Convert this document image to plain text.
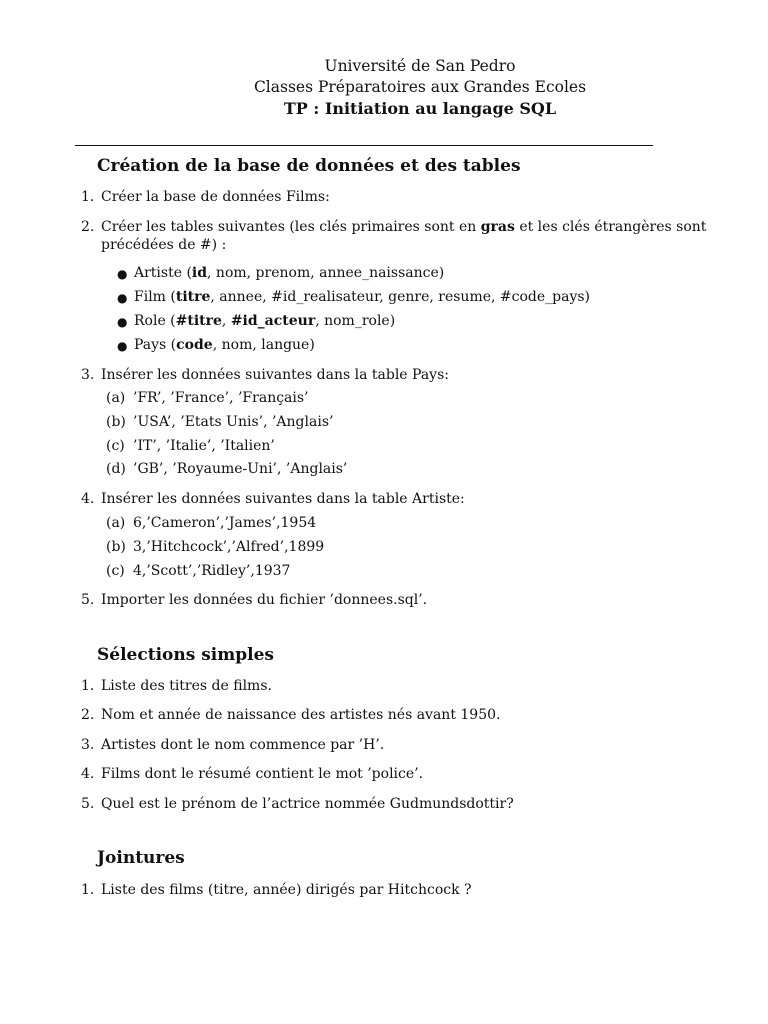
Université de San Pedro
Classes Préparatoires aux Grandes Ecoles
TP : Initiation au langage SQL
Création de la base de données et des tables
1. Créer la base de données Films:
2. Créer les tables suivantes (les clés primaires sont en gras et les clés étrangères sont
précédées de #) :
● Artiste (id, nom, prenom, annee_naissance)
● Film (titre, annee, #id_realisateur, genre, resume, #code_pays)
● Role (#titre, #id_acteur, nom_role)
● Pays (code, nom, langue)
3. Insérer les données suivantes dans la table Pays:
(a) ’FR’, ’France’, ’Français’
(b) ’USA’, ’Etats Unis’, ’Anglais’
(c) ’IT’, ’Italie’, ’Italien’
(d) ’GB’, ’Royaume-Uni’, ’Anglais’
4. Insérer les données suivantes dans la table Artiste:
(a) 6,’Cameron’,’James’,1954
(b) 3,’Hitchcock’,’Alfred’,1899
(c) 4,’Scott’,’Ridley’,1937
5. Importer les données du fichier ’donnees.sql’.
Sélections simples
1. Liste des titres de films.
2. Nom et année de naissance des artistes nés avant 1950.
3. Artistes dont le nom commence par ’H’.
4. Films dont le résumé contient le mot ’police’.
5. Quel est le prénom de l’actrice nommée Gudmundsdottir?
Jointures
1. Liste des films (titre, année) dirigés par Hitchcock ?
